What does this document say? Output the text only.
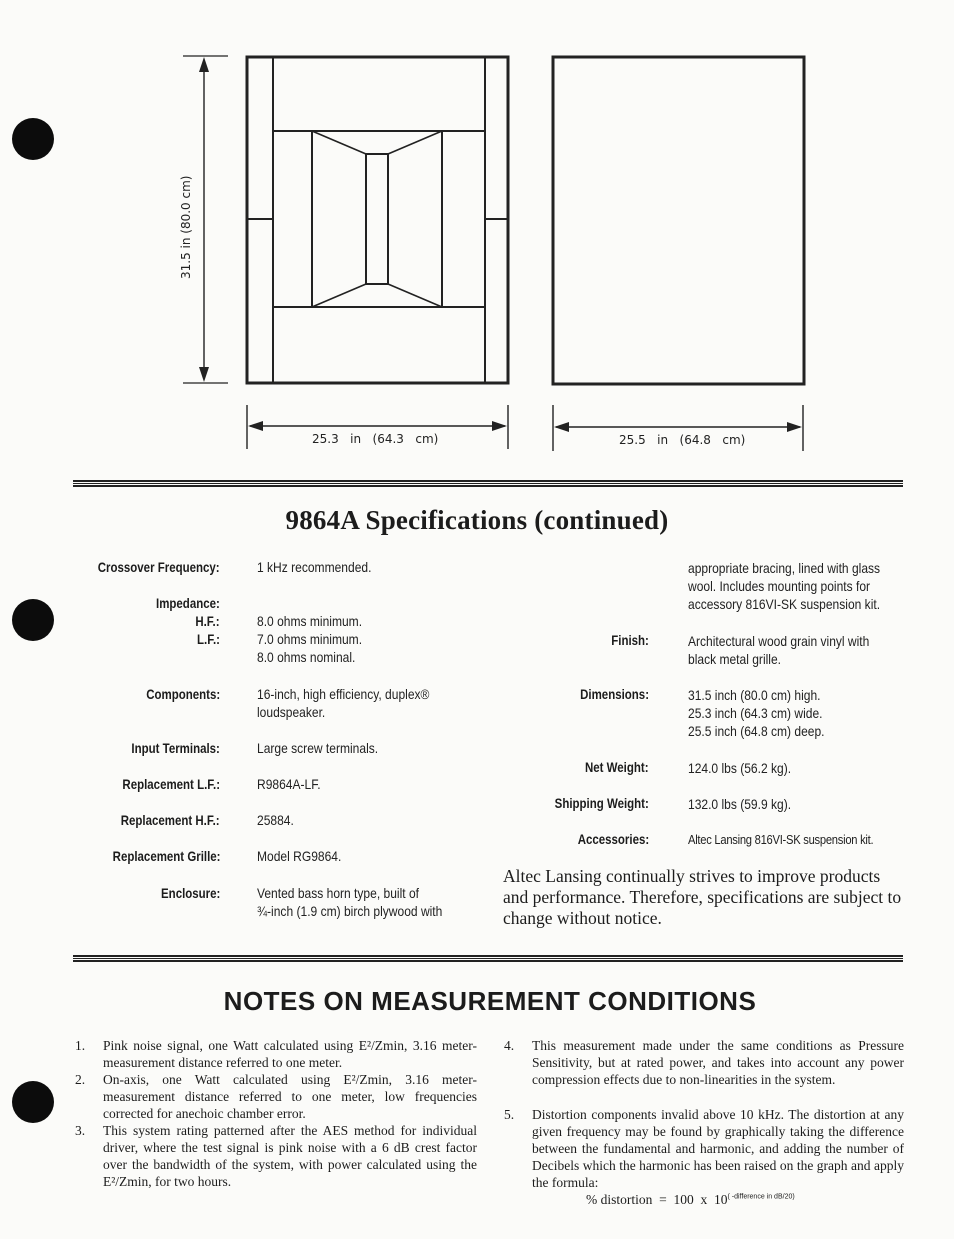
31.5 in (80.0 cm)
25.3   in   (64.3   cm)	25.5   in   (64.8   cm)
9864A Specifications (continued)
Crossover Frequency:	1 kHz recommended.
Impedance:
H.F.:	8.0 ohms minimum.
L.F.:	7.0 ohms minimum.
8.0 ohms nominal.
Components:	16-inch, high efficiency, duplex®
loudspeaker.
Input Terminals:	Large screw terminals.
Replacement L.F.:	R9864A-LF.
Replacement H.F.:	25884.
Replacement Grille:	Model RG9864.
Enclosure:	Vented bass horn type, built of
¾-inch (1.9 cm) birch plywood with
appropriate bracing, lined with glass
wool. Includes mounting points for
accessory 816VI-SK suspension kit.
Finish:	Architectural wood grain vinyl with
black metal grille.
Dimensions:	31.5 inch (80.0 cm) high.
25.3 inch (64.3 cm) wide.
25.5 inch (64.8 cm) deep.
Net Weight:	124.0 lbs (56.2 kg).
Shipping Weight:	132.0 lbs (59.9 kg).
Accessories:	Altec Lansing 816VI-SK suspension kit.
Altec Lansing continually strives to improve products and performance. Therefore, specifications are subject to change without notice.
NOTES ON MEASUREMENT CONDITIONS
1. Pink noise signal, one Watt calculated using E²/Zmin, 3.16 meter-measurement distance referred to one meter.
2. On-axis, one Watt calculated using E²/Zmin, 3.16 meter-measurement distance referred to one meter, low frequencies corrected for anechoic chamber error.
3. This system rating patterned after the AES method for individual driver, where the test signal is pink noise with a 6 dB crest factor over the bandwidth of the system, with power calculated using the E²/Zmin, for two hours.
4. This measurement made under the same conditions as Pressure Sensitivity, but at rated power, and takes into account any power compression effects due to non-linearities in the system.
5. Distortion components invalid above 10 kHz. The distortion at any given frequency may be found by graphically taking the difference between the fundamental and harmonic, and adding the number of Decibels which the harmonic has been raised on the graph and apply the formula:
% distortion  =  100  x  $10^{( -difference in dB/20)}$
